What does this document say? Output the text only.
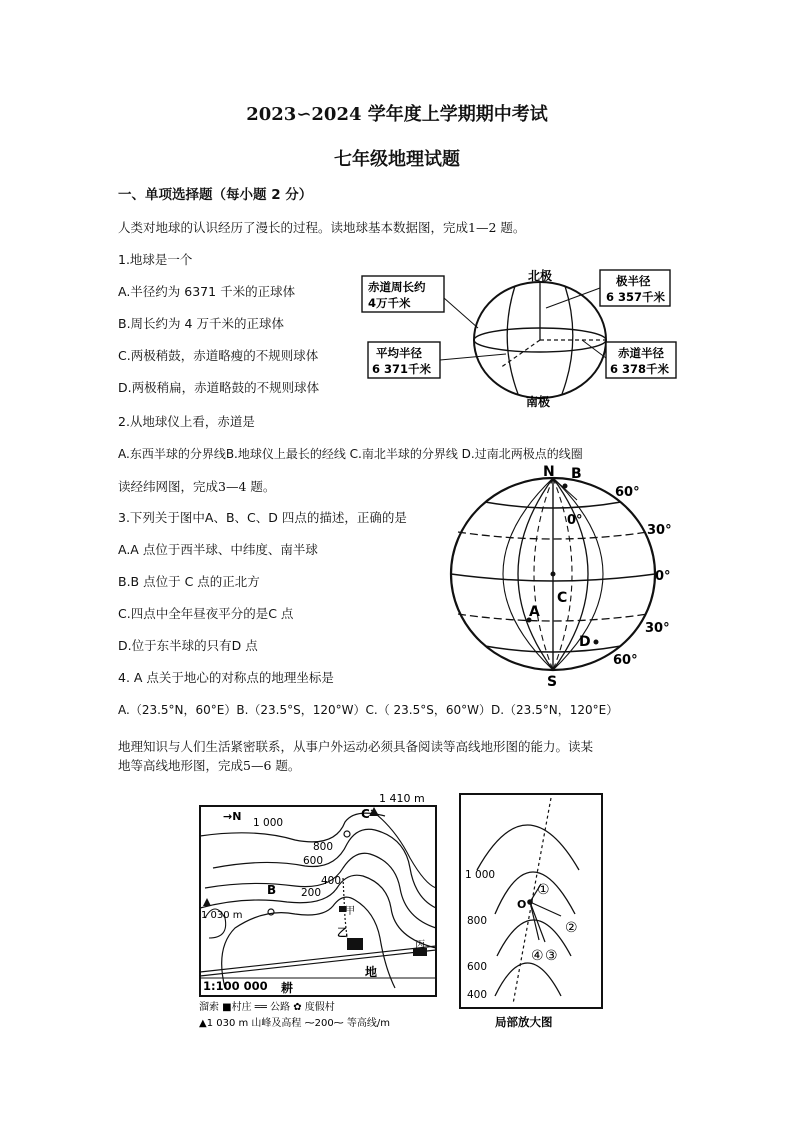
2023∽2024 学年度上学期期中考试
七年级地理试题
一、单项选择题（每小题 2 分）
人类对地球的认识经历了漫长的过程。读地球基本数据图，完成1—2 题。
1.地球是一个
A.半径约为 6371 千米的正球体
B.周长约为 4 万千米的正球体
C.两极稍鼓，赤道略瘦的不规则球体
D.两极稍扁，赤道略鼓的不规则球体
2.从地球仪上看，赤道是
A.东西半球的分界线B.地球仪上最长的经线 C.南北半球的分界线 D.过南北两极点的线圈
读经纬网图，完成3—4 题。
3.下列关于图中A、B、C、D 四点的描述，正确的是
A.A 点位于西半球、中纬度、南半球
B.B 点位于 C 点的正北方
C.四点中全年昼夜平分的是C 点
D.位于东半球的只有D 点
4. A 点关于地心的对称点的地理坐标是
A.（23.5°N，60°E）B.（23.5°S，120°W）C.（ 23.5°S，60°W）D.（23.5°N，120°E）
地理知识与人们生活紧密联系，从事户外运动必须具备阅读等高线地形图的能力。读某
地等高线地形图，完成5—6 题。
北极
南极
赤道周长约
4万千米
极半径
6 357千米
平均半径
6 371千米
赤道半径
6 378千米
N B
S
C
A
D
0°
60°
30°
0°
30°
60°
→N
1 410 m
C
B
1 030 m
1 000
800
600
400
200
甲
乙
丙
耕
地
1:100 000
溜索 ■村庄 ══ 公路 ✿ 度假村
▲1 030 m 山峰及高程 ⁓200⁓ 等高线/m
1 000
800
600
400
O
①
②
③
④
局部放大图
